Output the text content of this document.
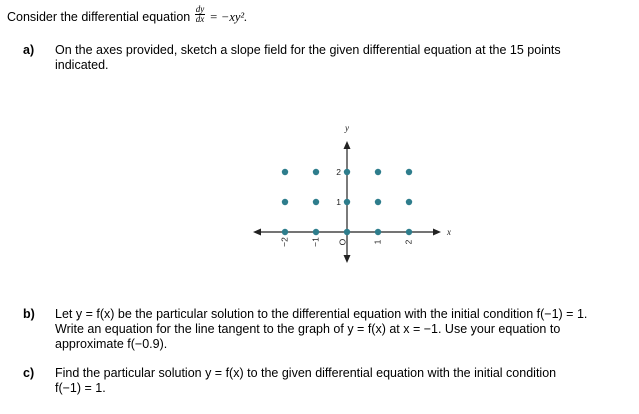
Consider the differential equation $\frac{dy}{dx} = -xy^2$.
a) On the axes provided, sketch a slope field for the given differential equation at the 15 points
indicated.
−2 −1 O	1 2
1
2
x
y
b) Let y = f(x) be the particular solution to the differential equation with the initial condition f(−1) = 1.
Write an equation for the line tangent to the graph of y = f(x) at x = −1. Use your equation to
approximate f(−0.9).
c) Find the particular solution y = f(x) to the given differential equation with the initial condition
f(−1) = 1.
